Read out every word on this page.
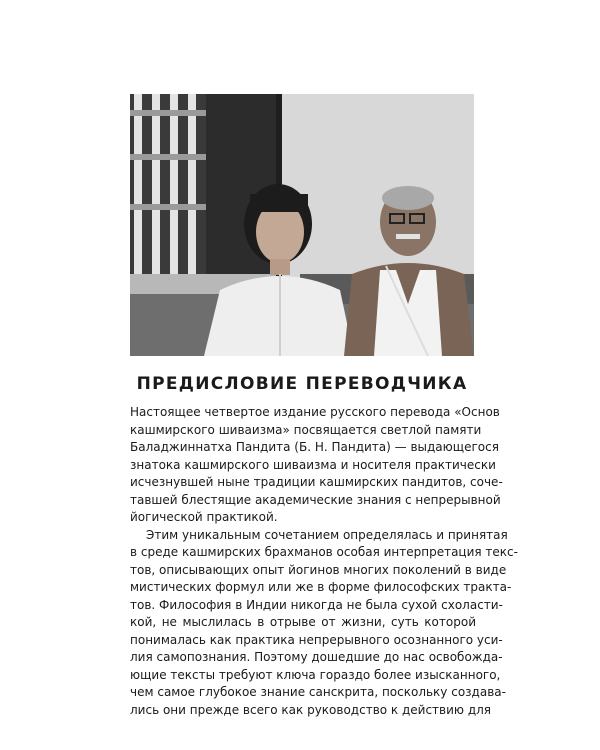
ПРЕДИСЛОВИЕ ПЕРЕВОДЧИКА
Настоящее четвертое издание русского перевода «Основ
кашмирского шиваизма» посвящается светлой памяти
Баладжиннатха Пандита (Б. Н. Пандита) — выдающегося
знатока кашмирского шиваизма и носителя практически
исчезнувшей ныне традиции кашмирских пандитов, соче-
тавшей блестящие академические знания с непрерывной
йогической практикой.
Этим уникальным сочетанием определялась и принятая
в среде кашмирских брахманов особая интерпретация текс-
тов, описывающих опыт йогинов многих поколений в виде
мистических формул или же в форме философских трактa-
тов. Философия в Индии никогда не была сухой схоласти-
кой, не мыслилась в отрыве от жизни, суть которой
понималась как практика непрерывного осознанного уси-
лия самопознания. Поэтому дошедшие до нас освобожда-
ющие тексты требуют ключа гораздо более изысканного,
чем самое глубокое знание санскрита, поскольку создава-
лись они прежде всего как руководство к действию для
